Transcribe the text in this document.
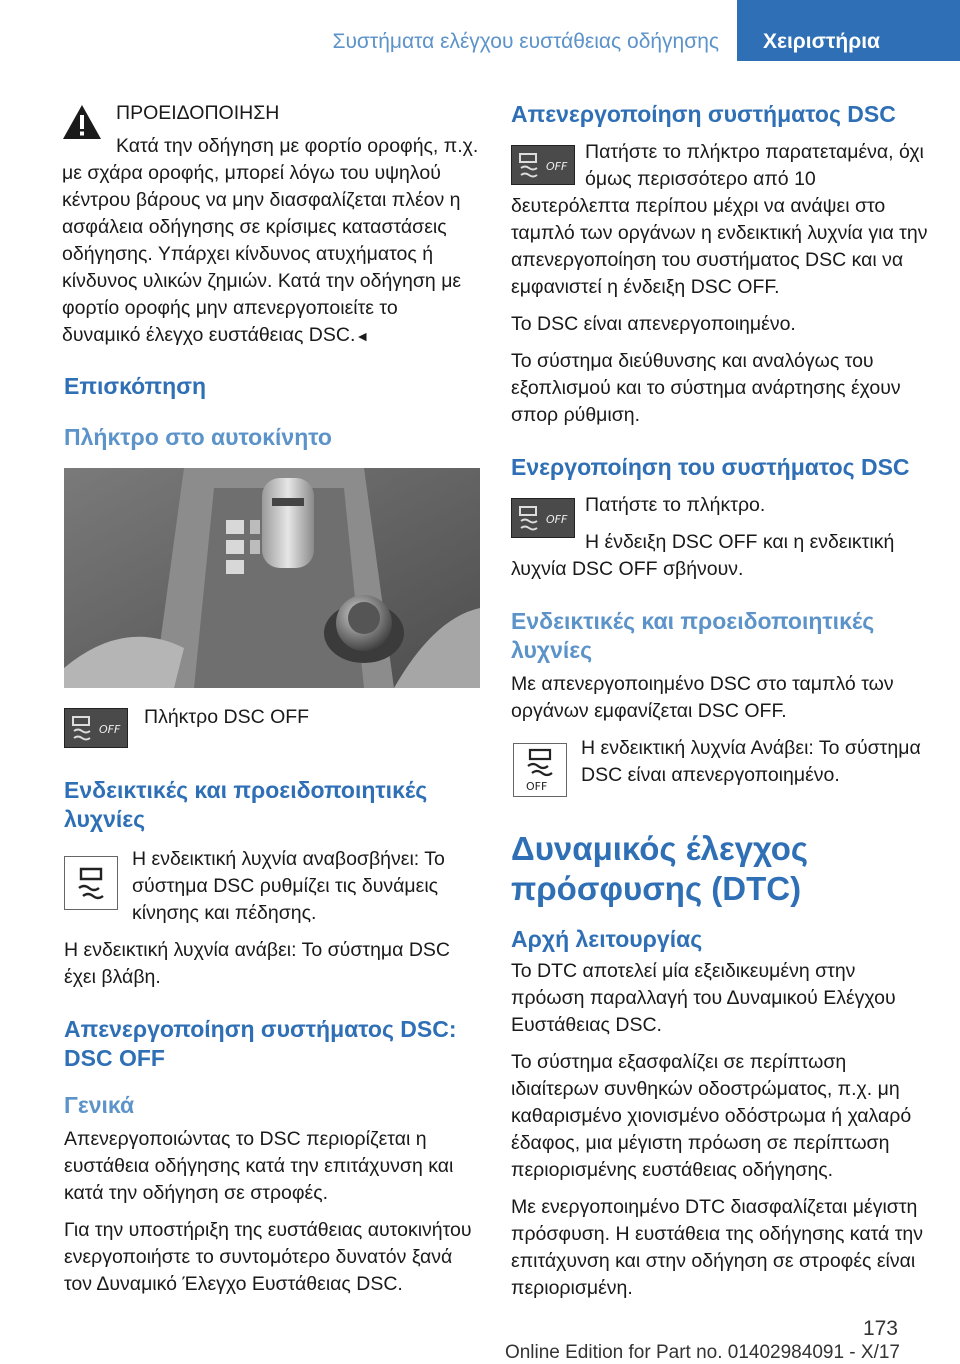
Συστήματα ελέγχου ευστάθειας οδήγησης Χειριστήρια

ΠΡΟΕΙΔΟΠΟΙΗΣΗ

Κατά την οδήγηση με φορτίο οροφής, π.χ. με σχάρα οροφής, μπορεί λόγω του υψηλού κέντρου βάρους να μην διασφαλίζεται πλέον η ασφάλεια οδήγησης σε κρίσιμες καταστάσεις οδήγησης. Υπάρχει κίνδυνος ατυχήματος ή κίνδυνος υλικών ζημιών. Κατά την οδήγηση με φορτίο οροφής μην απενεργοποιείτε το δυναμικό έλεγχο ευστάθειας DSC.◄

Επισκόπηση
Πλήκτρο στο αυτοκίνητο
OFF

Πλήκτρο DSC OFF

Ενδεικτικές και προειδοποιητικές λυχνίες

Η ενδεικτική λυχνία αναβοσβήνει: Το σύστημα DSC ρυθμίζει τις δυνάμεις κίνησης και πέδησης.

Η ενδεικτική λυχνία ανάβει: Το σύστημα DSC έχει βλάβη.

Απενεργοποίηση συστήματος DSC: DSC OFF
Γενικά

Απενεργοποιώντας το DSC περιορίζεται η ευστάθεια οδήγησης κατά την επιτάχυνση και κατά την οδήγηση σε στροφές.

Για την υποστήριξη της ευστάθειας αυτοκινήτου ενεργοποιήστε το συντομότερο δυνατόν ξανά τον Δυναμικό Έλεγχο Ευστάθειας DSC.

Απενεργοποίηση συστήματος DSC
OFF

Πατήστε το πλήκτρο παρατεταμένα, όχι όμως περισσότερο από 10 δευτερόλεπτα περίπου μέχρι να ανάψει στο ταμπλό των οργάνων η ενδεικτική λυχνία για την απενεργοποίηση του συστήματος DSC και να εμφανιστεί η ένδειξη DSC OFF.

Το DSC είναι απενεργοποιημένο.

Το σύστημα διεύθυνσης και αναλόγως του εξοπλισμού και το σύστημα ανάρτησης έχουν σπορ ρύθμιση.

Ενεργοποίηση του συστήματος DSC
OFF

Πατήστε το πλήκτρο.

Η ένδειξη DSC OFF και η ενδεικτική λυχνία DSC OFF σβήνουν.

Ενδεικτικές και προειδοποιητικές λυχνίες

Με απενεργοποιημένο DSC στο ταμπλό των οργάνων εμφανίζεται DSC OFF.

OFF

Η ενδεικτική λυχνία Ανάβει: Το σύστημα DSC είναι απενεργοποιημένο.

Δυναμικός έλεγχος πρόσφυσης (DTC)
Αρχή λειτουργίας

Το DTC αποτελεί μία εξειδικευμένη στην πρόωση παραλλαγή του Δυναμικού Ελέγχου Ευστάθειας DSC.

Το σύστημα εξασφαλίζει σε περίπτωση ιδιαίτερων συνθηκών οδοστρώματος, π.χ. μη καθαρισμένο χιονισμένο οδόστρωμα ή χαλαρό έδαφος, μια μέγιστη πρόωση σε περίπτωση περιορισμένης ευστάθειας οδήγησης.

Με ενεργοποιημένο DTC διασφαλίζεται μέγιστη πρόσφυση. Η ευστάθεια της οδήγησης κατά την επιτάχυνση και στην οδήγηση σε στροφές είναι περιορισμένη.

173
Online Edition for Part no. 01402984091 - X/17
